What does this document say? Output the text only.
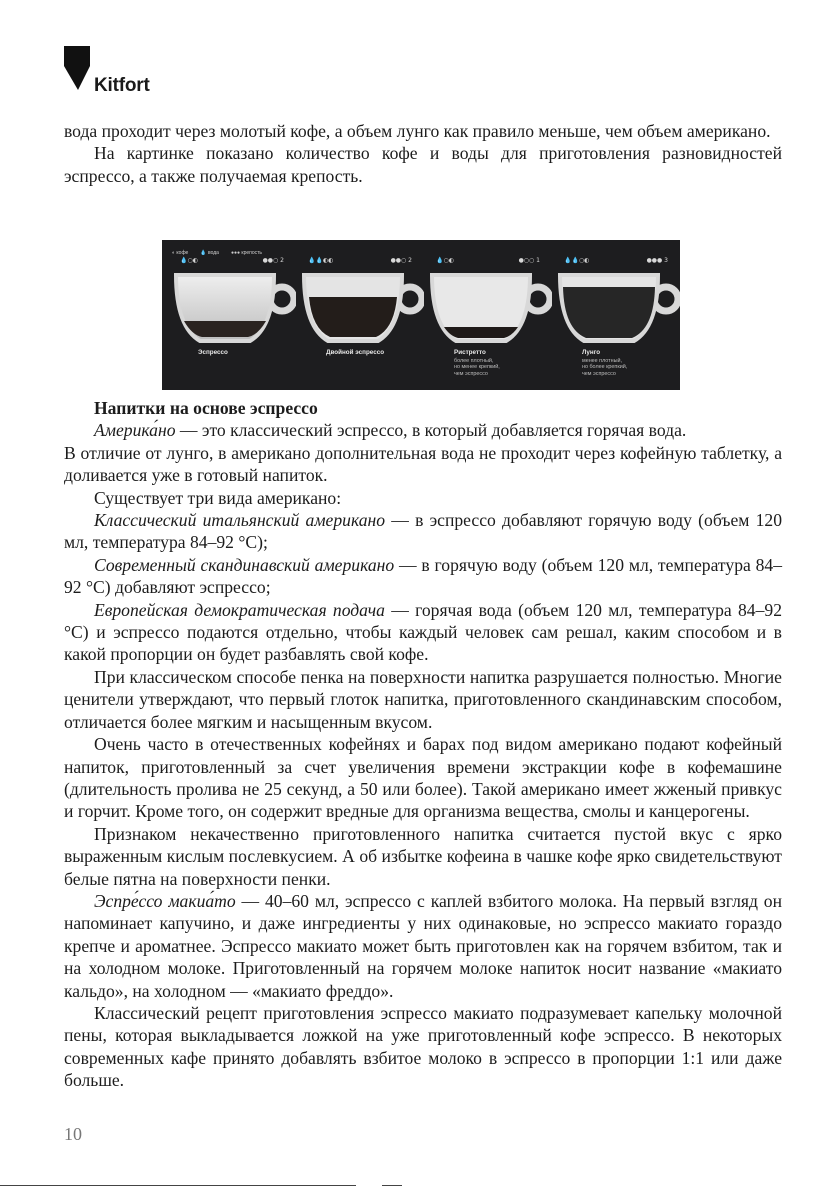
Kitfort

вода проходит через молотый кофе, а объем лунго как правило меньше, чем объем американо.

На картинке показано количество кофе и воды для приготовления разновидностей эспрессо, а также получаемая крепость.

◐ кофе 💧 вода ●●● крепость
💧○◐	●●○ 2
Эспрессо
💧💧◐◐	●●○ 2
Двойной эспрессо
💧○◐	●○○ 1
Ристретто
более плотный,
но менее крепкий,
чем эспрессо
💧💧○◐	●●● 3
Лунго
менее плотный,
но более крепкий,
чем эспрессо

Напитки на основе эспрессо

Америка́но — это классический эспрессо, в который добавляется горячая вода.

В отличие от лунго, в американо дополнительная вода не проходит через кофейную таблетку, а доливается уже в готовый напиток.

Существует три вида американо:

Классический итальянский американо — в эспрессо добавляют горячую воду (объем 120 мл, температура 84–92 °C);

Современный скандинавский американо — в горячую воду (объем 120 мл, температура 84–92 °C) добавляют эспрессо;

Европейская демократическая подача — горячая вода (объем 120 мл, температура 84–92 °C) и эспрессо подаются отдельно, чтобы каждый человек сам решал, каким способом и в какой пропорции он будет разбавлять свой кофе.

При классическом способе пенка на поверхности напитка разрушается полностью. Многие ценители утверждают, что первый глоток напитка, приготовленного скандинавским способом, отличается более мягким и насыщенным вкусом.

Очень часто в отечественных кофейнях и барах под видом американо подают кофейный напиток, приготовленный за счет увеличения времени экстракции кофе в кофемашине (длительность пролива не 25 секунд, а 50 или более). Такой американо имеет жженый привкус и горчит. Кроме того, он содержит вредные для организма вещества, смолы и канцерогены.

Признаком некачественно приготовленного напитка считается пустой вкус с ярко выраженным кислым послевкусием. А об избытке кофеина в чашке кофе ярко свидетельствуют белые пятна на поверхности пенки.

Эспре́ссо макиа́то — 40–60 мл, эспрессо с каплей взбитого молока. На первый взгляд он напоминает капучино, и даже ингредиенты у них одинаковые, но эспрессо макиато гораздо крепче и ароматнее. Эспрессо макиато может быть приготовлен как на горячем взбитом, так и на холодном молоке. Приготовленный на горячем молоке напиток носит название «макиато кальдо», на холодном — «макиато фреддо».

Классический рецепт приготовления эспрессо макиато подразумевает капельку молочной пены, которая выкладывается ложкой на уже приготовленный кофе эспрессо. В некоторых современных кафе принято добавлять взбитое молоко в эспрессо в пропорции 1:1 или даже больше.

10
